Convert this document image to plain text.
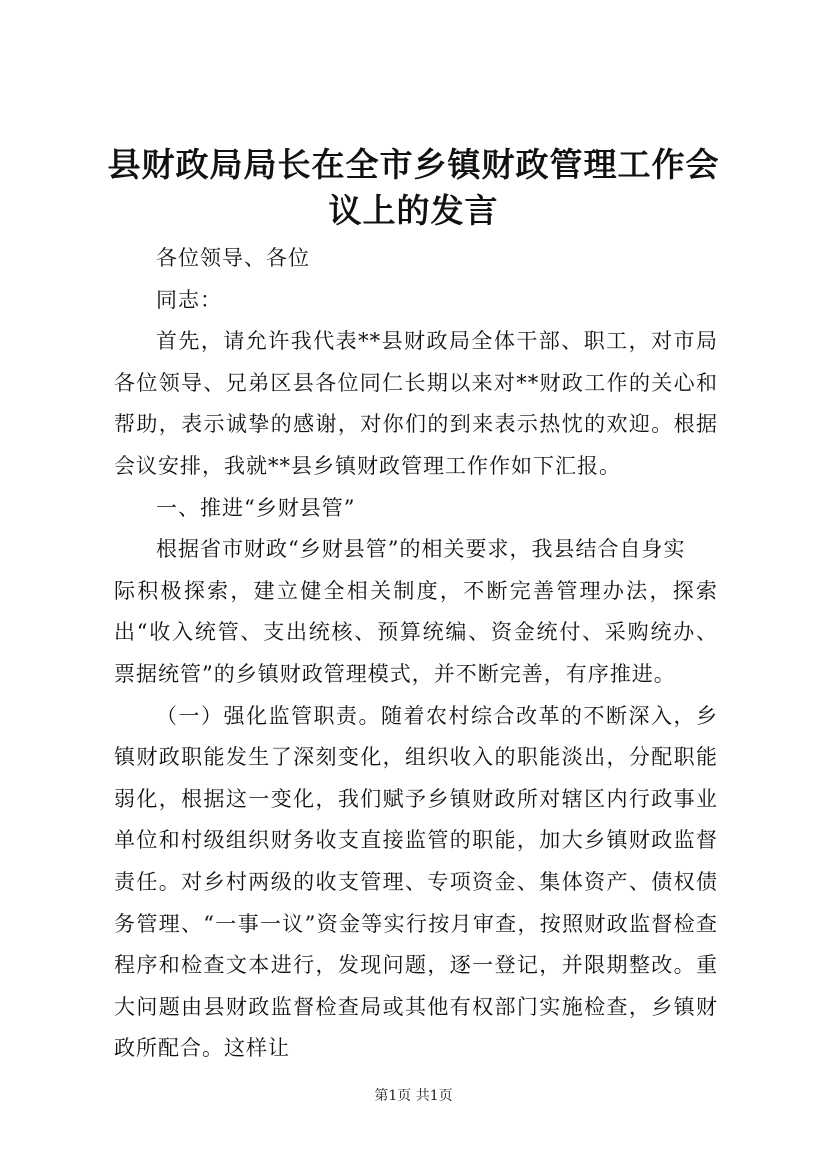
县财政局局长在全市乡镇财政管理工作会议上的发言

各位领导、各位

同志：

首先，请允许我代表**县财政局全体干部、职工，对市局各位领导、兄弟区县各位同仁长期以来对**财政工作的关心和帮助，表示诚挚的感谢，对你们的到来表示热忱的欢迎。根据会议安排，我就**县乡镇财政管理工作作如下汇报。

一、推进“乡财县管”

根据省市财政“乡财县管”的相关要求，我县结合自身实

际积极探索，建立健全相关制度，不断完善管理办法，探索出“收入统管、支出统核、预算统编、资金统付、采购统办、票据统管”的乡镇财政管理模式，并不断完善，有序推进。

（一）强化监管职责。随着农村综合改革的不断深入，乡镇财政职能发生了深刻变化，组织收入的职能淡出，分配职能弱化，根据这一变化，我们赋予乡镇财政所对辖区内行政事业单位和村级组织财务收支直接监管的职能，加大乡镇财政监督责任。对乡村两级的收支管理、专项资金、集体资产、债权债务管理、“一事一议”资金等实行按月审查，按照财政监督检查程序和检查文本进行，发现问题，逐一登记，并限期整改。重大问题由县财政监督检查局或其他有权部门实施检查，乡镇财政所配合。这样让

第1页 共1页
